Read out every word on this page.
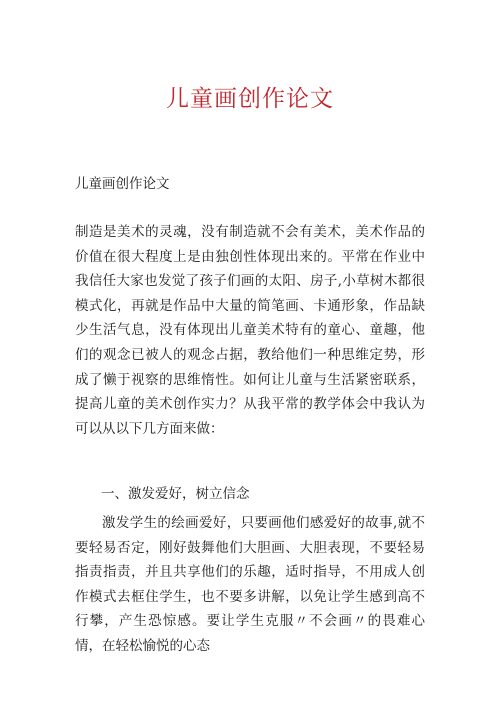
儿童画创作论文
儿童画创作论文
制造是美术的灵魂，没有制造就不会有美术，美术作品的价值在很大程度上是由独创性体现出来的。平常在作业中我信任大家也发觉了孩子们画的太阳、房子,小草树木都很模式化，再就是作品中大量的简笔画、卡通形象，作品缺少生活气息，没有体现出儿童美术特有的童心、童趣，他们的观念已被人的观念占据，教给他们一种思维定势，形成了懒于视察的思维惰性。如何让儿童与生活紧密联系，提高儿童的美术创作实力？从我平常的教学体会中我认为可以从以下几方面来做：
一、激发爱好，树立信念
激发学生的绘画爱好，只要画他们感爱好的故事,就不要轻易否定，刚好鼓舞他们大胆画、大胆表现，不要轻易指责指责，并且共享他们的乐趣，适时指导，不用成人创作模式去框住学生，也不要多讲解，以免让学生感到高不行攀，产生恐惊感。要让学生克服〃不会画〃的畏难心情，在轻松愉悦的心态
